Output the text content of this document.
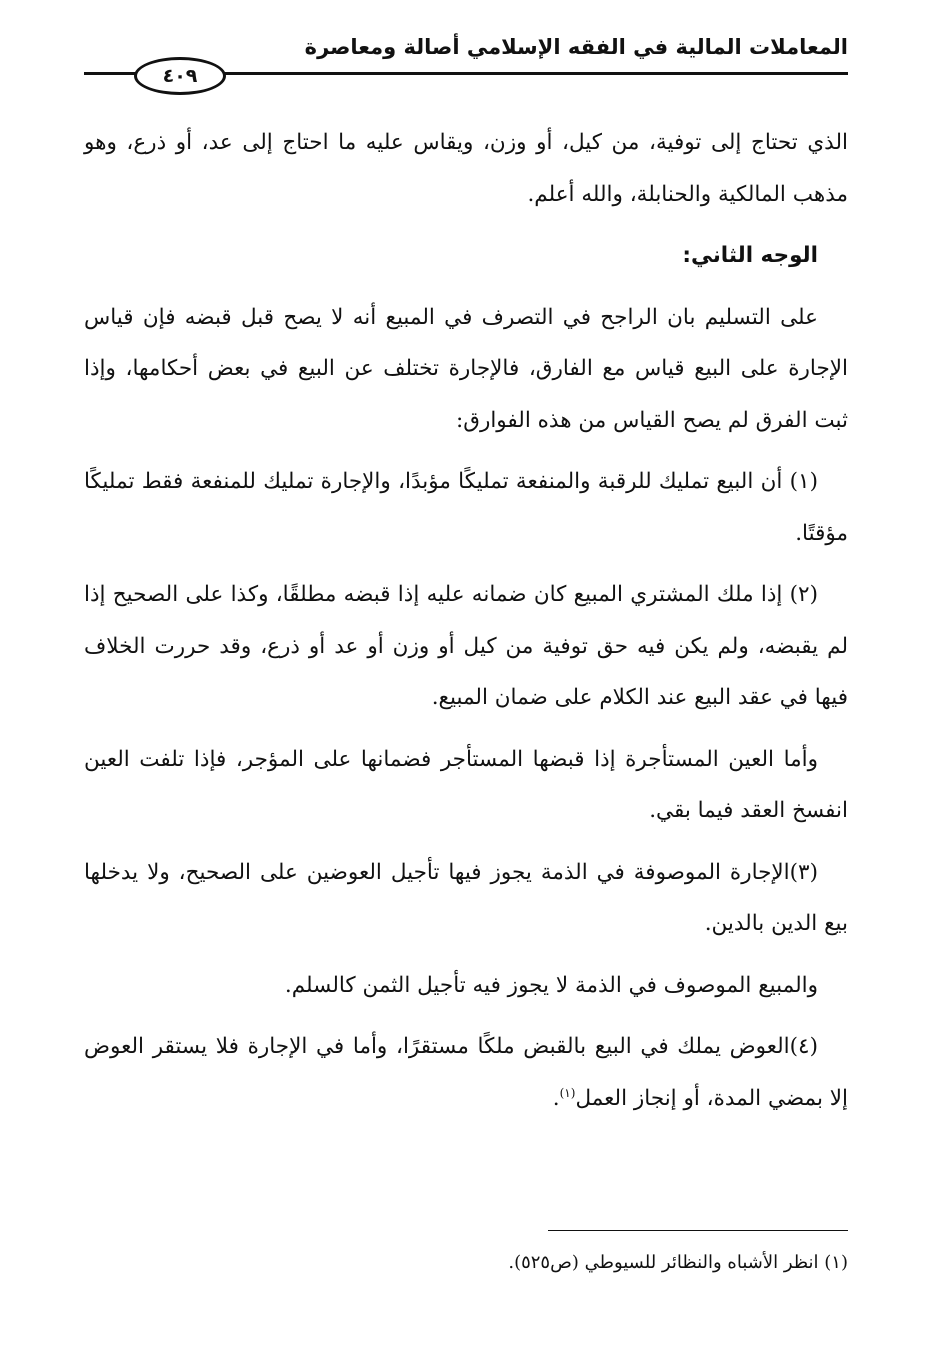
المعاملات المالية في الفقه الإسلامي أصالة ومعاصرة
٤٠٩

الذي تحتاج إلى توفية، من كيل، أو وزن، ويقاس عليه ما احتاج إلى عد، أو ذرع، وهو مذهب المالكية والحنابلة، والله أعلم.

الوجه الثاني:

على التسليم بان الراجح في التصرف في المبيع أنه لا يصح قبل قبضه فإن قياس الإجارة على البيع قياس مع الفارق، فالإجارة تختلف عن البيع في بعض أحكامها، وإذا ثبت الفرق لم يصح القياس من هذه الفوارق:

(١) أن البيع تمليك للرقبة والمنفعة تمليكًا مؤبدًا، والإجارة تمليك للمنفعة فقط تمليكًا مؤقتًا.

(٢) إذا ملك المشتري المبيع كان ضمانه عليه إذا قبضه مطلقًا، وكذا على الصحيح إذا لم يقبضه، ولم يكن فيه حق توفية من كيل أو وزن أو عد أو ذرع، وقد حررت الخلاف فيها في عقد البيع عند الكلام على ضمان المبيع.

وأما العين المستأجرة إذا قبضها المستأجر فضمانها على المؤجر، فإذا تلفت العين انفسخ العقد فيما بقي.

(٣)الإجارة الموصوفة في الذمة يجوز فيها تأجيل العوضين على الصحيح، ولا يدخلها بيع الدين بالدين.

والمبيع الموصوف في الذمة لا يجوز فيه تأجيل الثمن كالسلم.

(٤)العوض يملك في البيع بالقبض ملكًا مستقرًا، وأما في الإجارة فلا يستقر العوض إلا بمضي المدة، أو إنجاز العمل$^{(١)}$.

(١) انظر الأشباه والنظائر للسيوطي (ص٥٢٥).
